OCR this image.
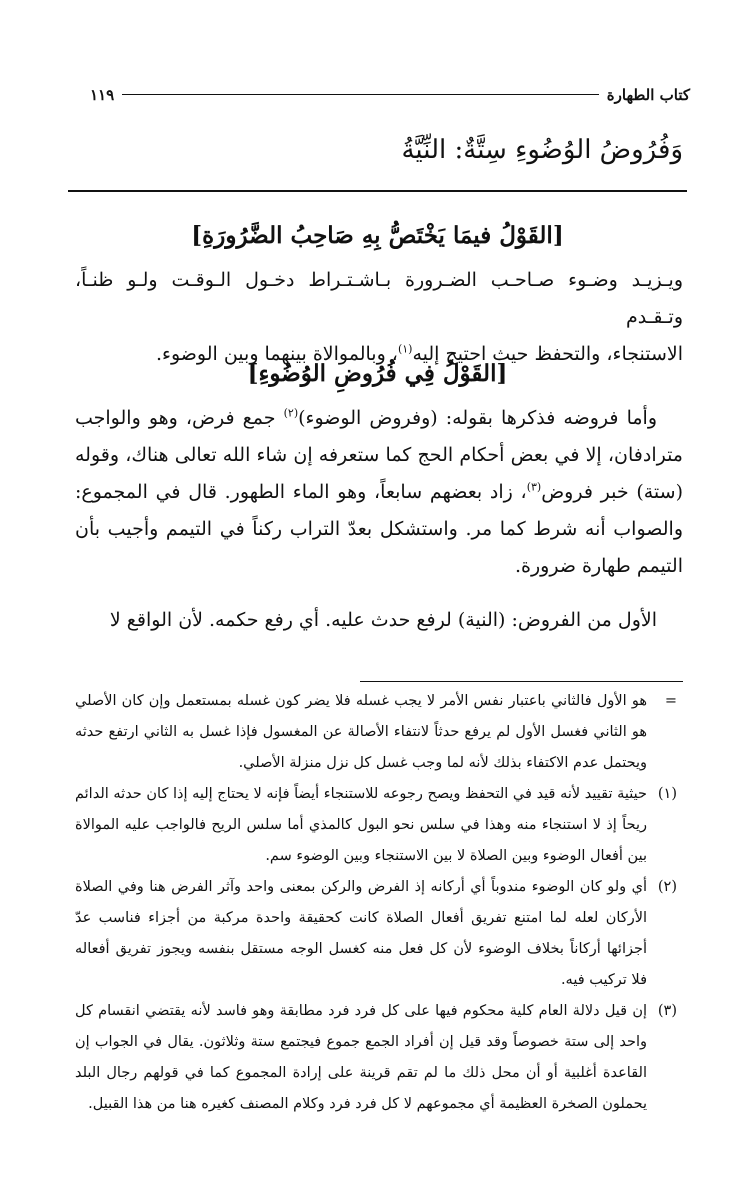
كتاب الطهارة
١١٩
وَفُرُوضُ الوُضُوءِ سِتَّةٌ: النِّيَّةُ
[القَوْلُ فيمَا يَخْتَصُّ بِهِ صَاحِبُ الضَّرُورَةِ]

ويـزيـد وضـوء صـاحـب الضـرورة بـاشـتـراط دخـول الـوقـت ولـو ظنـاً، وتـقـدم

الاستنجاء، والتحفظ حيث احتيج إليه$^{(١)}$، وبالموالاة بينهما وبين الوضوء.

[القَوْلُ فِي فُرُوضِ الوُضُوءِ]

وأما فروضه فذكرها بقوله: (وفروض الوضوء)$^{(٢)}$ جمع فرض، وهو والواجب مترادفان، إلا في بعض أحكام الحج كما ستعرفه إن شاء الله تعالى هناك، وقوله (ستة) خبر فروض$^{(٣)}$، زاد بعضهم سابعاً، وهو الماء الطهور. قال في المجموع: والصواب أنه شرط كما مر. واستشكل بعدّ التراب ركناً في التيمم وأجيب بأن التيمم طهارة ضرورة.

الأول من الفروض: (النية) لرفع حدث عليه. أي رفع حكمه. لأن الواقع لا

=
هو الأول فالثاني باعتبار نفس الأمر لا يجب غسله فلا يضر كون غسله بمستعمل وإن كان الأصلي هو الثاني فغسل الأول لم يرفع حدثاً لانتفاء الأصالة عن المغسول فإذا غسل به الثاني ارتفع حدثه ويحتمل عدم الاكتفاء بذلك لأنه لما وجب غسل كل نزل منزلة الأصلي.
(١)
حيثية تقييد لأنه قيد في التحفظ ويصح رجوعه للاستنجاء أيضاً فإنه لا يحتاج إليه إذا كان حدثه الدائم ريحاً إذ لا استنجاء منه وهذا في سلس نحو البول كالمذي أما سلس الريح فالواجب عليه الموالاة بين أفعال الوضوء وبين الصلاة لا بين الاستنجاء وبين الوضوء سم.
(٢)
أي ولو كان الوضوء مندوباً أي أركانه إذ الفرض والركن بمعنى واحد وآثر الفرض هنا وفي الصلاة الأركان لعله لما امتنع تفريق أفعال الصلاة كانت كحقيقة واحدة مركبة من أجزاء فناسب عدّ أجزائها أركاناً بخلاف الوضوء لأن كل فعل منه كغسل الوجه مستقل بنفسه ويجوز تفريق أفعاله فلا تركيب فيه.
(٣)
إن قيل دلالة العام كلية محكوم فيها على كل فرد فرد مطابقة وهو فاسد لأنه يقتضي انقسام كل واحد إلى ستة خصوصاً وقد قيل إن أفراد الجمع جموع فيجتمع ستة وثلاثون. يقال في الجواب إن القاعدة أغلبية أو أن محل ذلك ما لم تقم قرينة على إرادة المجموع كما في قولهم رجال البلد يحملون الصخرة العظيمة أي مجموعهم لا كل فرد فرد وكلام المصنف كغيره هنا من هذا القبيل.
